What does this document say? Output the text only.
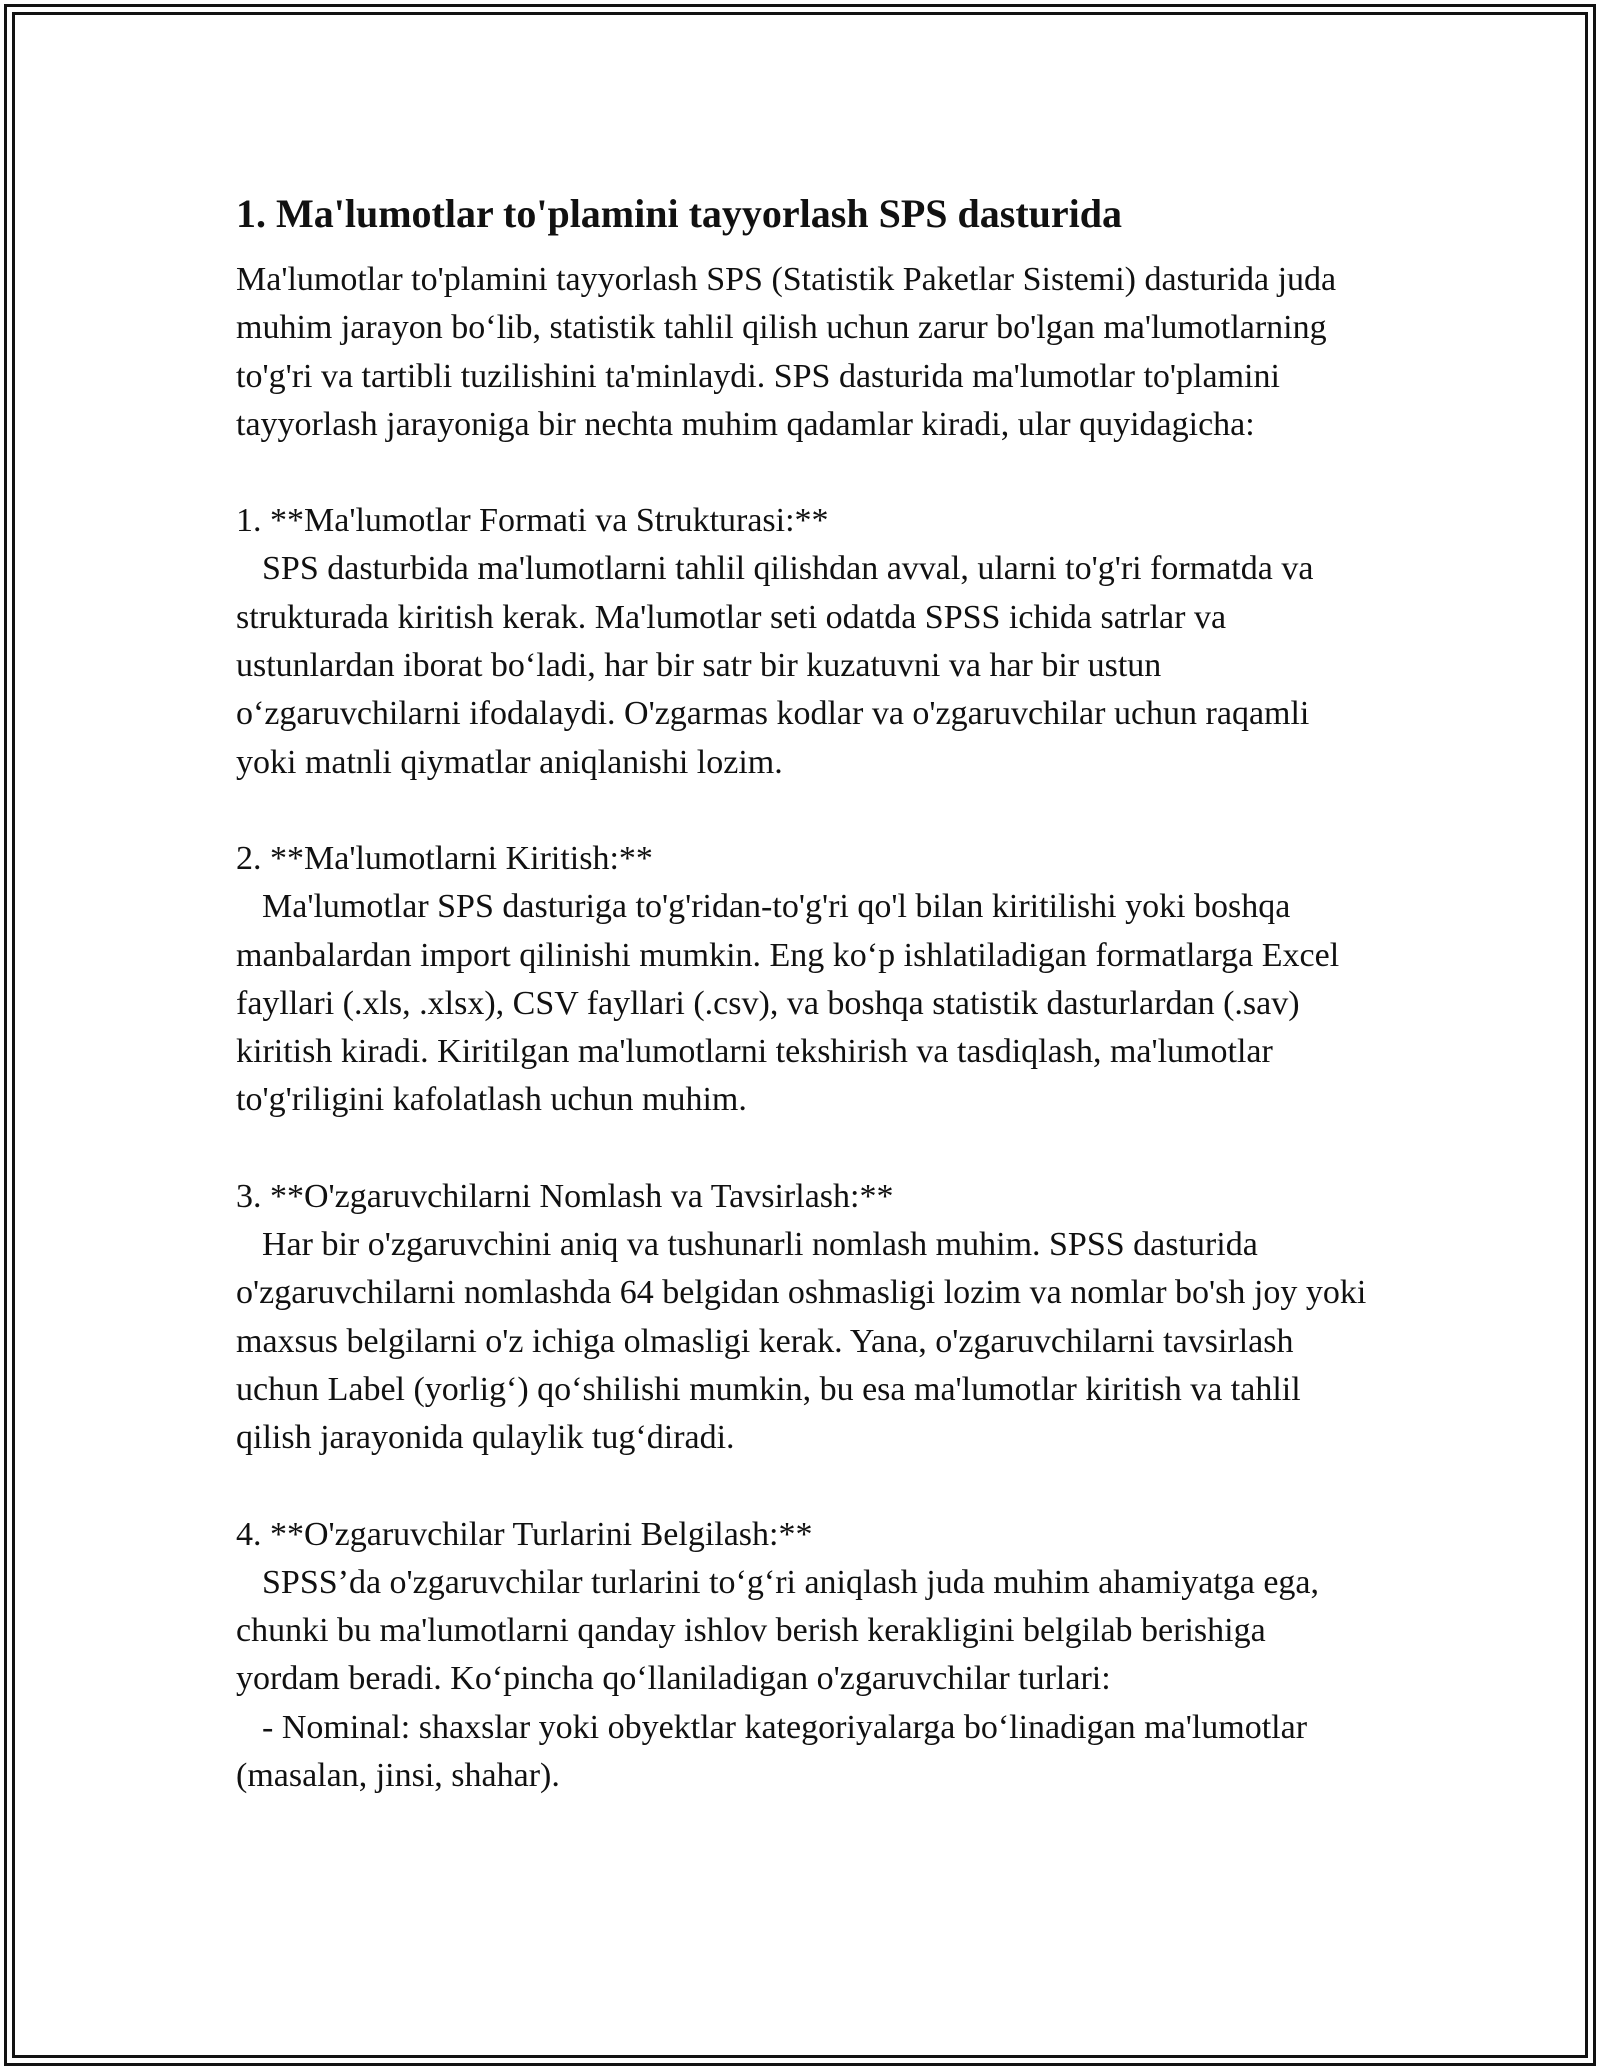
1. Ma'lumotlar to'plamini tayyorlash SPS dasturida

Ma'lumotlar to'plamini tayyorlash SPS (Statistik Paketlar Sistemi) dasturida juda muhim jarayon bo‘lib, statistik tahlil qilish uchun zarur bo'lgan ma'lumotlarning to'g'ri va tartibli tuzilishini ta'minlaydi. SPS dasturida ma'lumotlar to'plamini tayyorlash jarayoniga bir nechta muhim qadamlar kiradi, ular quyidagicha:

1. **Ma'lumotlar Formati va Strukturasi:**

SPS dasturbida ma'lumotlarni tahlil qilishdan avval, ularni to'g'ri formatda va strukturada kiritish kerak. Ma'lumotlar seti odatda SPSS ichida satrlar va ustunlardan iborat bo‘ladi, har bir satr bir kuzatuvni va har bir ustun o‘zgaruvchilarni ifodalaydi. O'zgarmas kodlar va o'zgaruvchilar uchun raqamli yoki matnli qiymatlar aniqlanishi lozim.

2. **Ma'lumotlarni Kiritish:**

Ma'lumotlar SPS dasturiga to'g'ridan-to'g'ri qo'l bilan kiritilishi yoki boshqa manbalardan import qilinishi mumkin. Eng ko‘p ishlatiladigan formatlarga Excel fayllari (.xls, .xlsx), CSV fayllari (.csv), va boshqa statistik dasturlardan (.sav) kiritish kiradi. Kiritilgan ma'lumotlarni tekshirish va tasdiqlash, ma'lumotlar to'g'riligini kafolatlash uchun muhim.

3. **O'zgaruvchilarni Nomlash va Tavsirlash:**

Har bir o'zgaruvchini aniq va tushunarli nomlash muhim. SPSS dasturida o'zgaruvchilarni nomlashda 64 belgidan oshmasligi lozim va nomlar bo'sh joy yoki maxsus belgilarni o'z ichiga olmasligi kerak. Yana, o'zgaruvchilarni tavsirlash uchun Label (yorlig‘) qo‘shilishi mumkin, bu esa ma'lumotlar kiritish va tahlil qilish jarayonida qulaylik tug‘diradi.

4. **O'zgaruvchilar Turlarini Belgilash:**

SPSS’da o'zgaruvchilar turlarini to‘g‘ri aniqlash juda muhim ahamiyatga ega, chunki bu ma'lumotlarni qanday ishlov berish kerakligini belgilab berishiga yordam beradi. Ko‘pincha qo‘llaniladigan o'zgaruvchilar turlari:

- Nominal: shaxslar yoki obyektlar kategoriyalarga bo‘linadigan ma'lumotlar (masalan, jinsi, shahar).
